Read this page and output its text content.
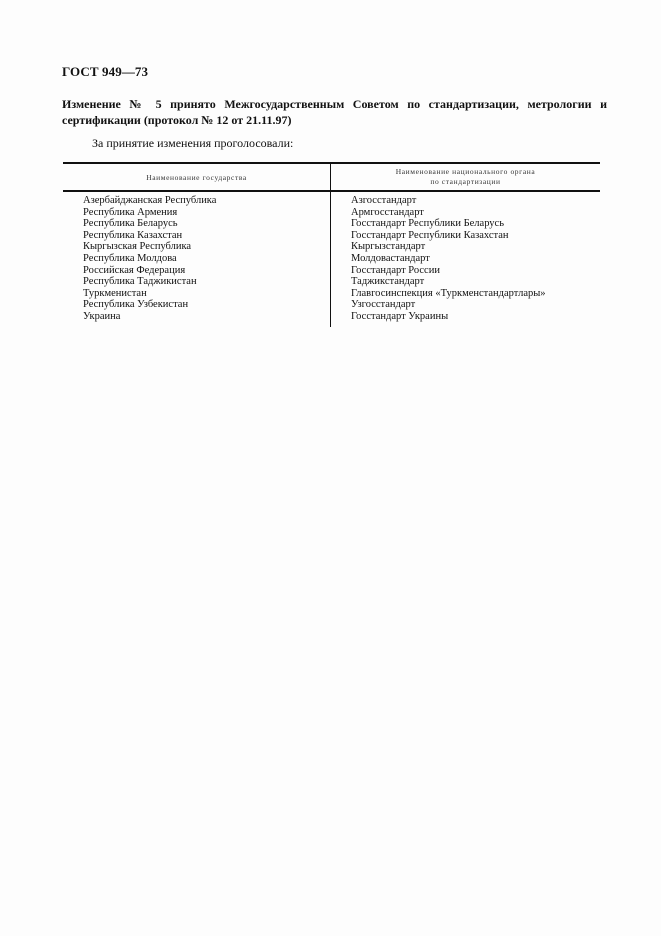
ГОСТ 949—73
Изменение № 5 принято Межгосударственным Советом по стандартизации, метрологии и сертификации (протокол № 12 от 21.11.97)
За принятие изменения проголосовали:
Наименование государства
Наименование национального органа
по стандартизации
Азербайджанская Республика
Республика Армения
Республика Беларусь
Республика Казахстан
Кыргызская Республика
Республика Молдова
Российская Федерация
Республика Таджикистан
Туркменистан
Республика Узбекистан
Украина
Азгосстандарт
Армгосстандарт
Госстандарт Республики Беларусь
Госстандарт Республики Казахстан
Кыргызстандарт
Молдовастандарт
Госстандарт России
Таджикстандарт
Главгосинспекция «Туркменстандартлары»
Узгосстандарт
Госстандарт Украины
